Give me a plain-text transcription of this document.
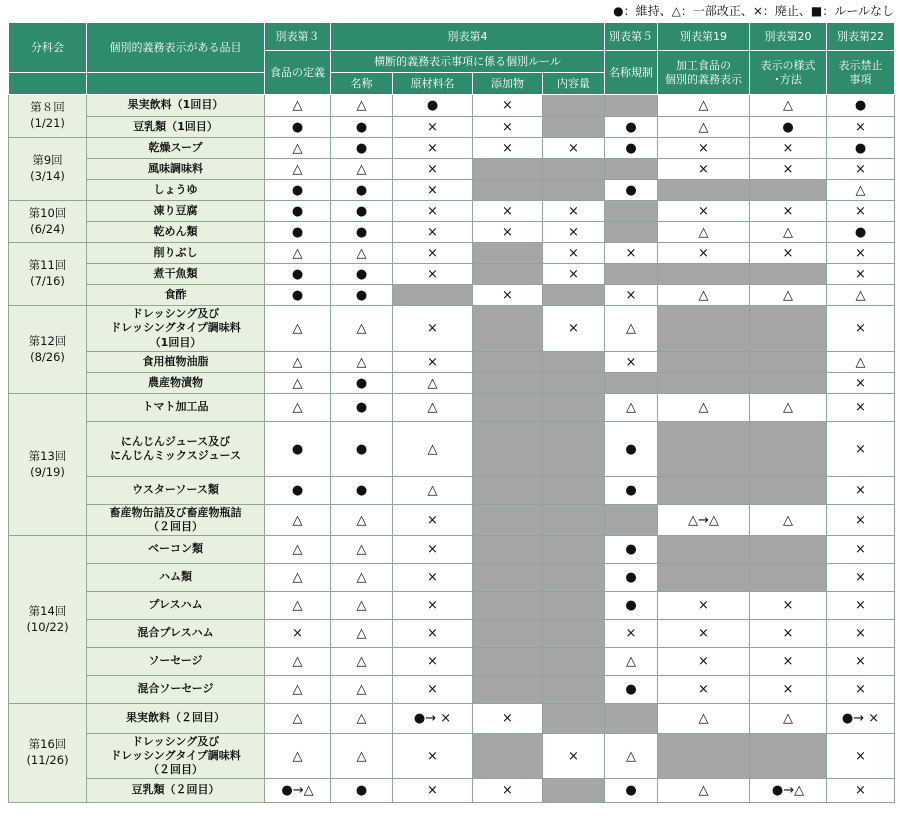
●：維持、△：一部改正、×：廃止、■：ルールなし
分科会	個別的義務表示がある品目	別表第３	別表第4				別表第５	別表第19	別表第20	別表第22
		食品の定義	横断的義務表示事項に係る個別ルール				名称規制	加工食品の
個別的義務表示	表示の様式
･方法	表示禁止
事項
			名称	原材料名	添加物	内容量				
第８回
(1/21)	果実飲料（1回目）	△	△	●	×			△	△	●
	豆乳類（1回目）	●	●	×	×		●	△	●	×
第9回
(3/14)	乾燥スープ	△	●	×	×	×	●	×	×	●
	風味調味料	△	△	×				×	×	×
	しょうゆ	●	●	×			●			△
第10回
(6/24)	凍り豆腐	●	●	×	×	×		×	×	×
	乾めん類	●	●	×	×	×		△	△	●
第11回
(7/16)	削りぶし	△	△	×		×	×	×	×	×
	煮干魚類	●	●	×		×				×
	食酢	●	●		×		×	△	△	△
第12回
(8/26)	ドレッシング及び
ドレッシングタイプ調味料
（1回目）	△	△	×		×	△			×
	食用植物油脂	△	△	×			×			△
	農産物漬物	△	●	△						×
第13回
(9/19)	トマト加工品	△	●	△			△	△	△	×
	にんじんジュース及び
にんじんミックスジュース	●	●	△			●			×
	ウスターソース類	●	●	△			●			×
	畜産物缶詰及び畜産物瓶詰
（２回目）	△	△	×				△→△	△	×
第14回
(10/22)	ベーコン類	△	△	×			●			×
	ハム類	△	△	×			●			×
	プレスハム	△	△	×			●	×	×	×
	混合プレスハム	×	△	×			×	×	×	×
	ソーセージ	△	△	×			△	×	×	×
	混合ソーセージ	△	△	×			●	×	×	×
第16回
(11/26)	果実飲料（２回目）	△	△	●→ ×	×			△	△	●→ ×
	ドレッシング及び
ドレッシングタイプ調味料
（２回目）	△	△	×		×	△			×
	豆乳類（２回目）	●→△	●	×	×		●	△	●→△	×
